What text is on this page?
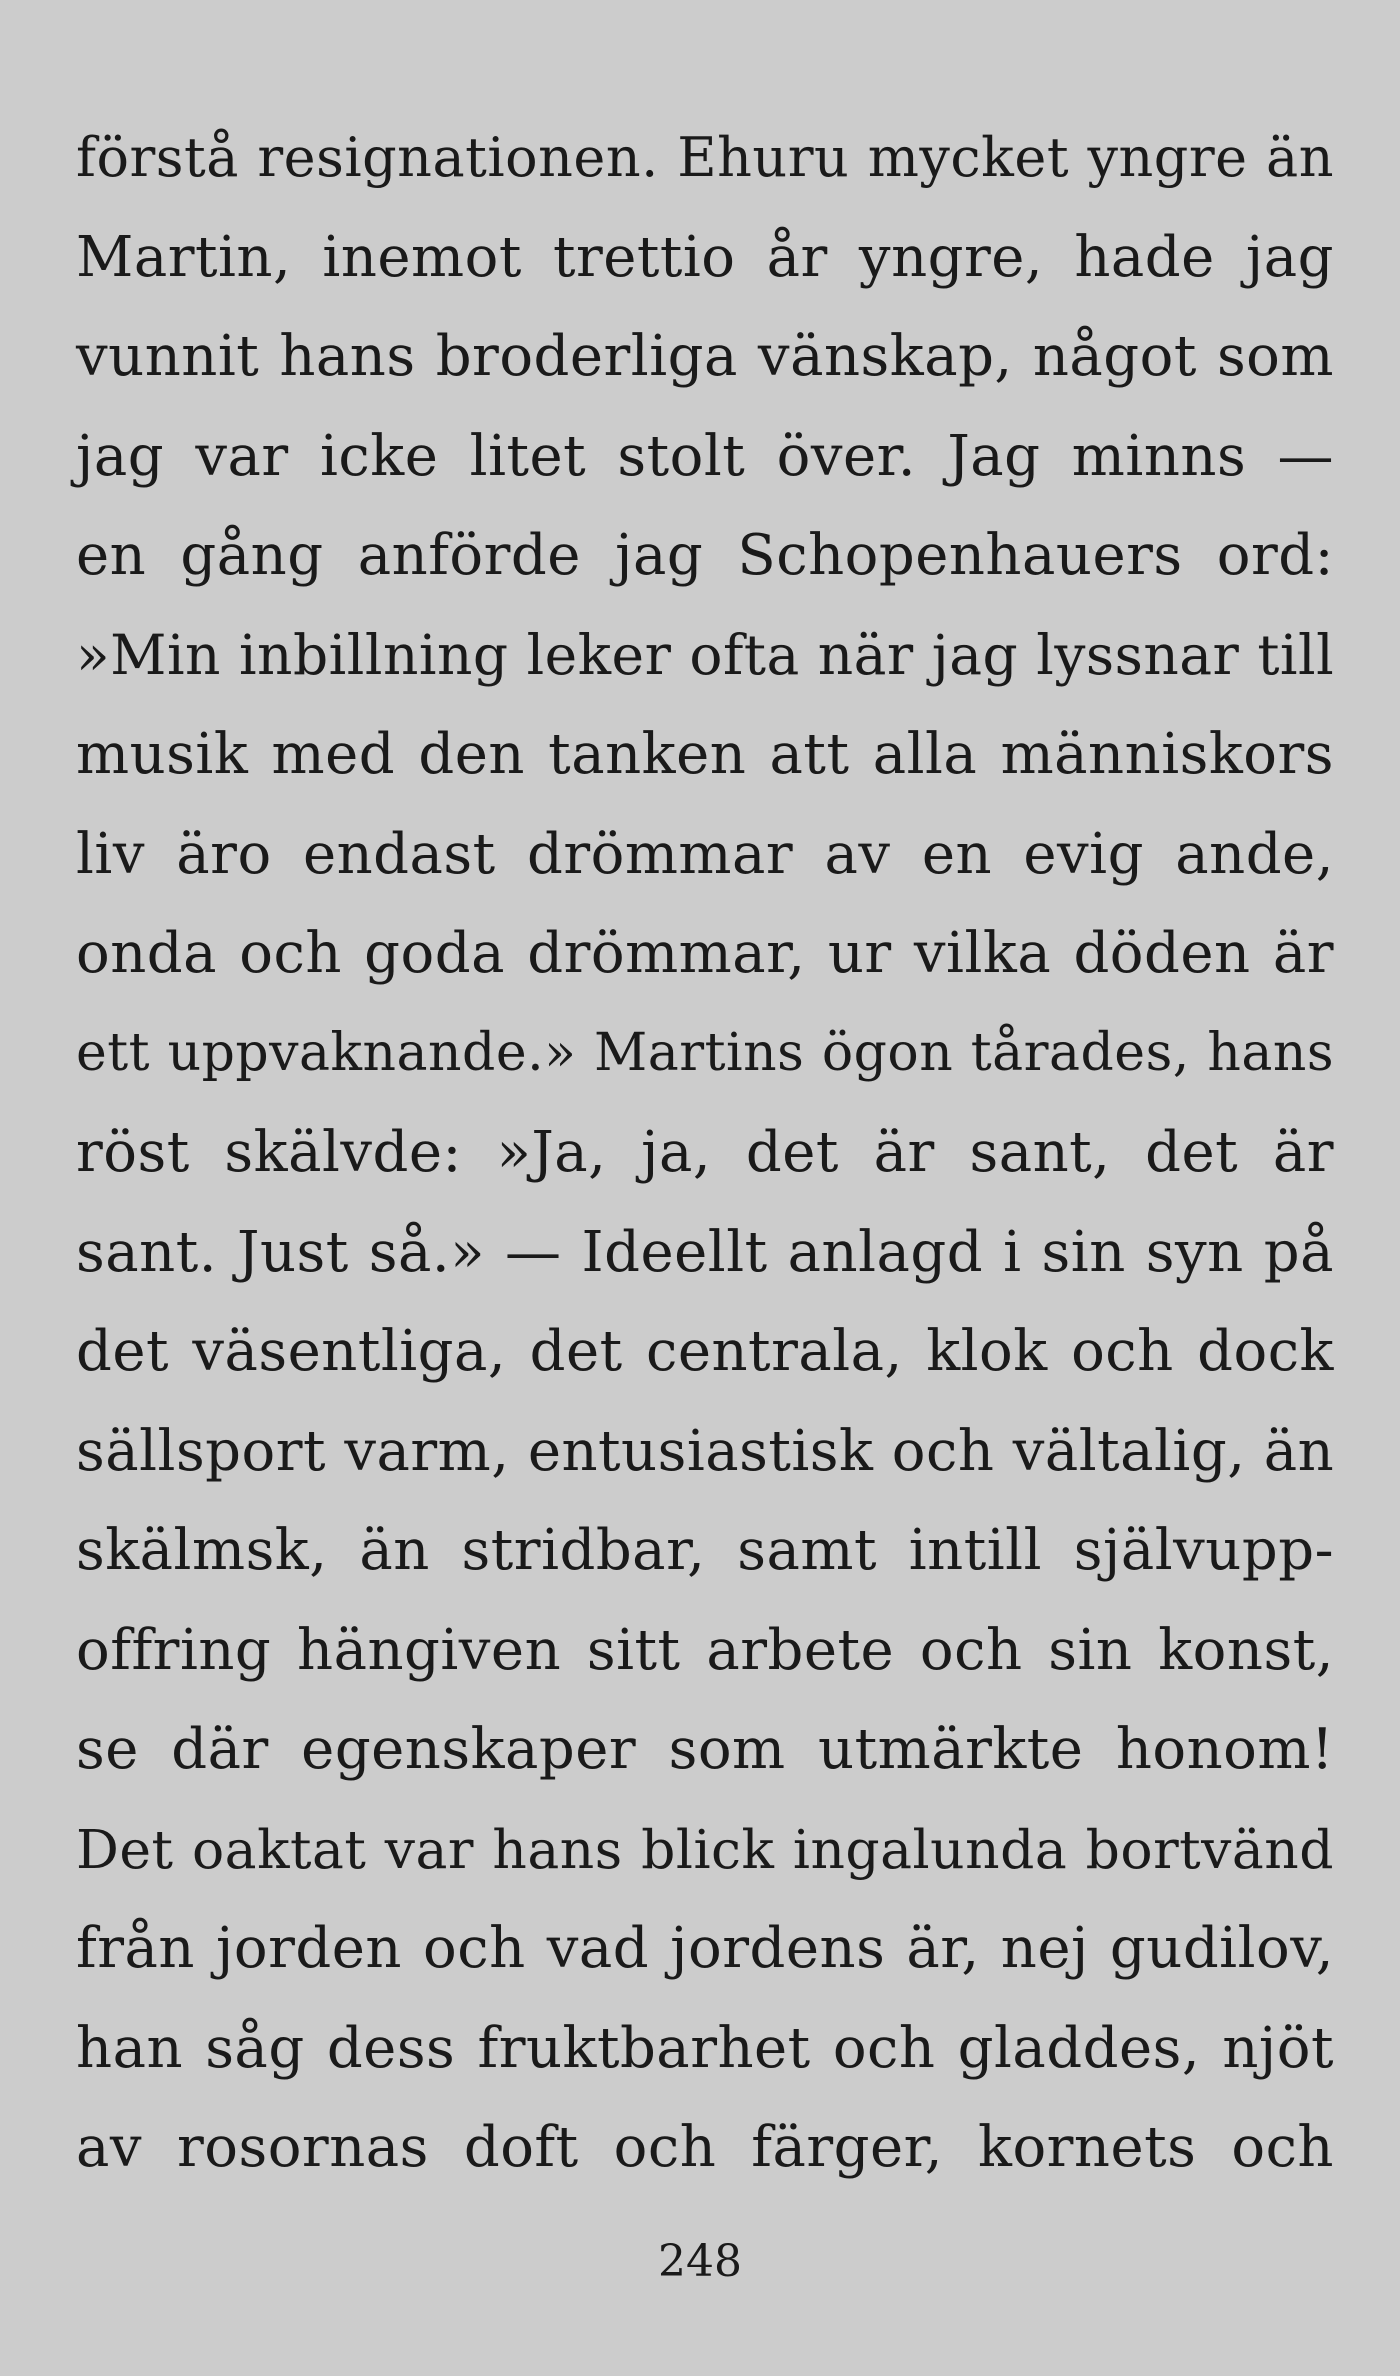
förstå resignationen. Ehuru mycket yngre än
Martin, inemot trettio år yngre, hade jag
vunnit hans broderliga vänskap, något som
jag var icke litet stolt över. Jag minns —
en gång anförde jag Schopenhauers ord:
»Min inbillning leker ofta när jag lyssnar till
musik med den tanken att alla människors
liv äro endast drömmar av en evig ande,
onda och goda drömmar, ur vilka döden är
ett uppvaknande.» Martins ögon tårades, hans
röst skälvde: »Ja, ja, det är sant, det är
sant. Just så.» — Ideellt anlagd i sin syn på
det väsentliga, det centrala, klok och dock
sällsport varm, entusiastisk och vältalig, än
skälmsk, än stridbar, samt intill självupp-
offring hängiven sitt arbete och sin konst,
se där egenskaper som utmärkte honom!
Det oaktat var hans blick ingalunda bortvänd
från jorden och vad jordens är, nej gudilov,
han såg dess fruktbarhet och gladdes, njöt
av rosornas doft och färger, kornets och
248
